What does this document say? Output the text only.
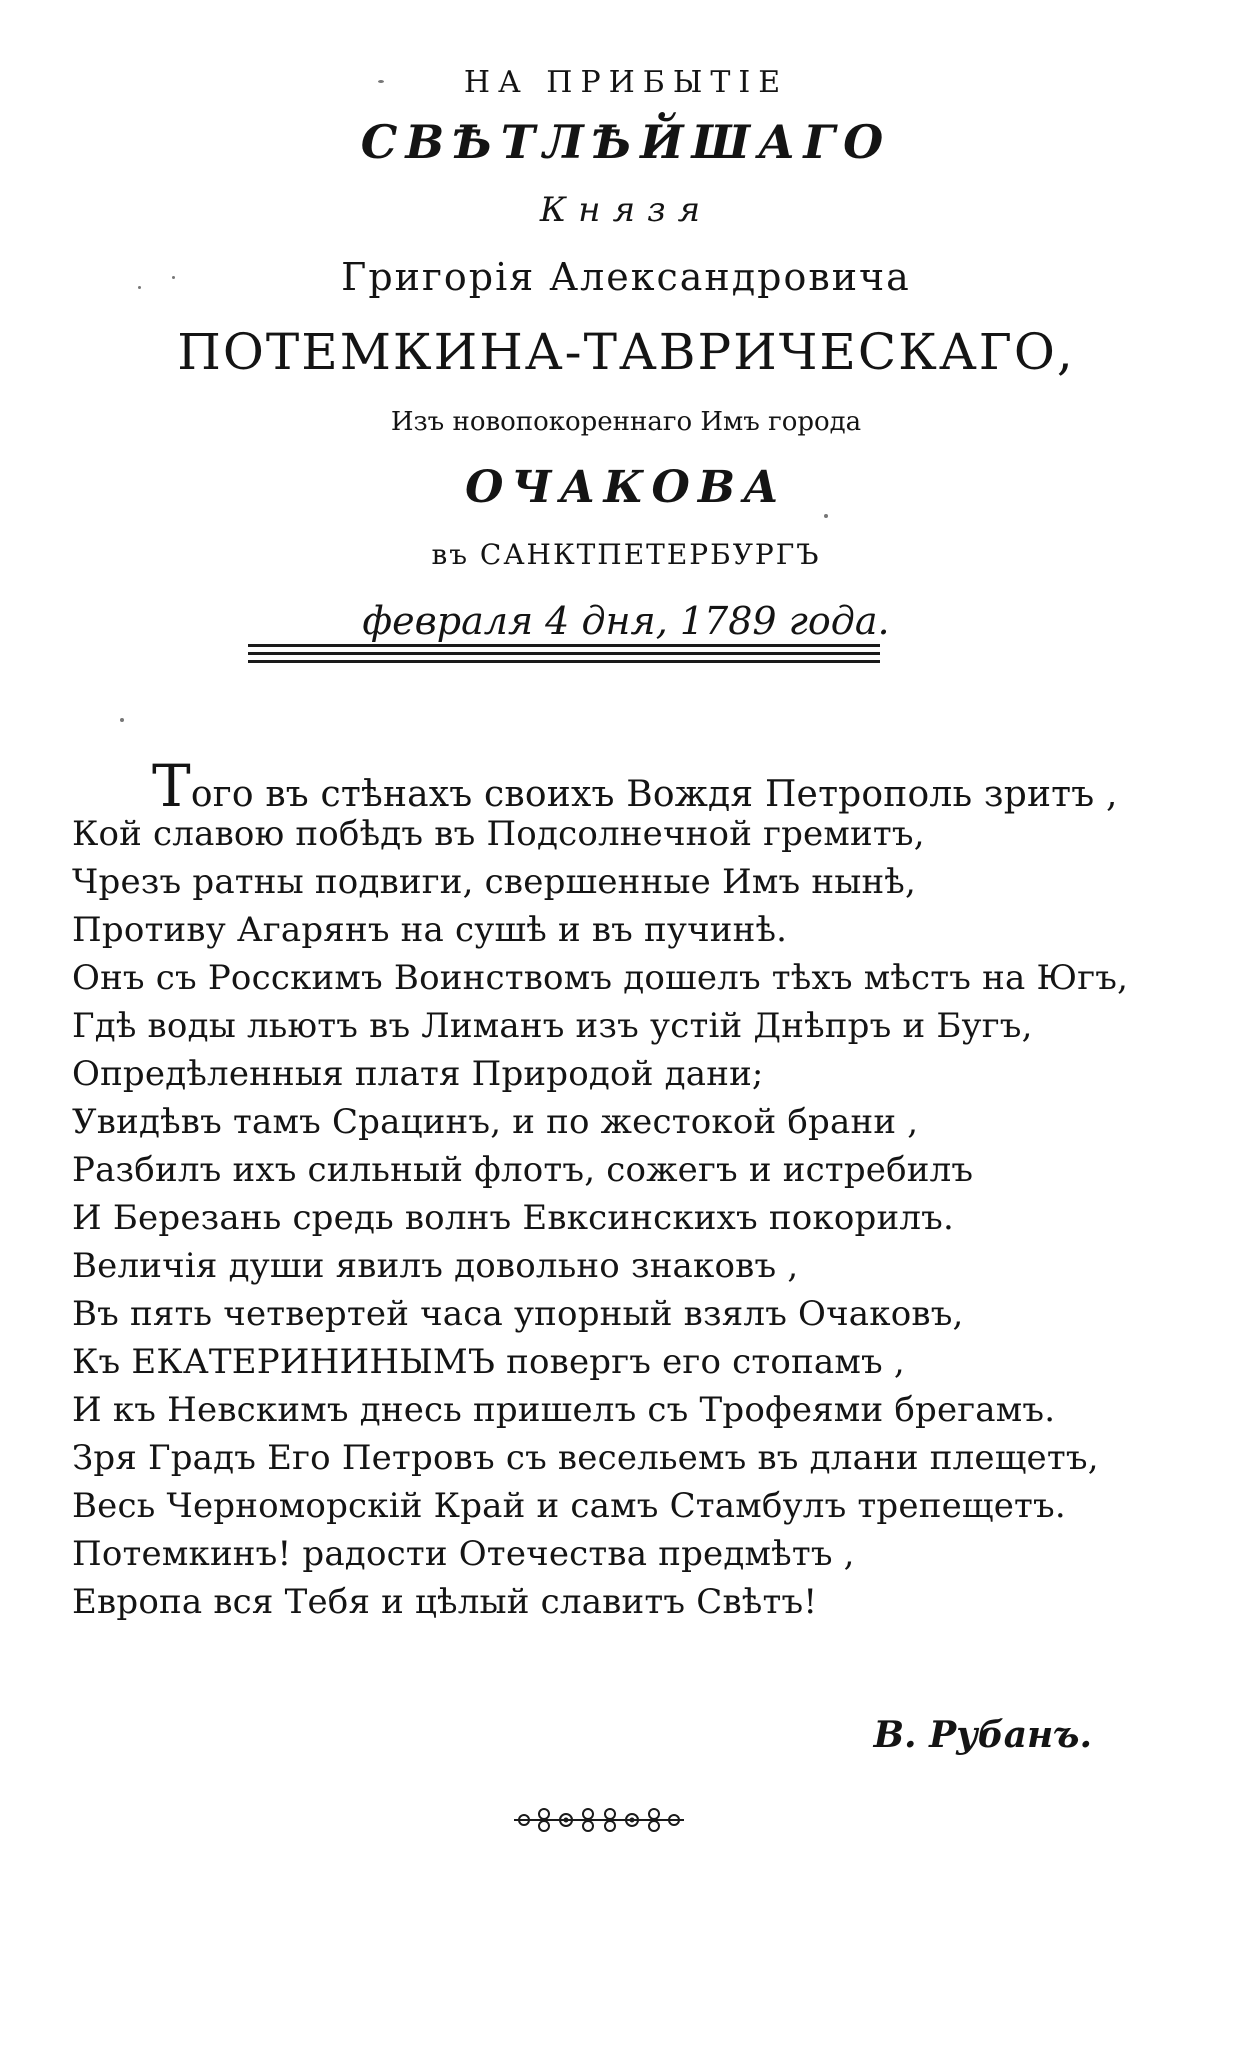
НА ПРИБЫТІЕ
СВѢТЛѢЙШАГО
Князя
Григорія Александровича
ПОТЕМКИНА-ТАВРИЧЕСКАГО,
Изъ новопокореннаго Имъ города
ОЧАКОВА
въ САНКТПЕТЕРБУРГЪ
февраля 4 дня, 1789 года.
Того въ стѣнахъ своихъ Вождя Петрополь зритъ ,
Кой славою побѣдъ въ Подсолнечной гремитъ,
Чрезъ ратны подвиги, свершенные Имъ нынѣ,
Противу Агарянъ на сушѣ и въ пучинѣ.
Онъ съ Росскимъ Воинствомъ дошелъ тѣхъ мѣстъ на Югъ,
Гдѣ воды льютъ въ Лиманъ изъ устій Днѣпръ и Бугъ,
Опредѣленныя платя Природой дани;
Увидѣвъ тамъ Срацинъ, и по жестокой брани ,
Разбилъ ихъ сильный флотъ, сожегъ и истребилъ
И Березань средь волнъ Евксинскихъ покорилъ.
Величія души явилъ довольно знаковъ ,
Въ пять четвертей часа упорный взялъ Очаковъ,
Къ ЕКАТЕРИНИНЫМЪ повергъ его стопамъ ,
И къ Невскимъ днесь пришелъ съ Трофеями брегамъ.
Зря Градъ Его Петровъ съ весельемъ въ длани плещетъ,
Весь Черноморскій Край и самъ Стамбулъ трепещетъ.
Потемкинъ! радости Отечества предмѣтъ ,
Европа вся Тебя и цѣлый славитъ Свѣтъ!
В. Рубанъ.
